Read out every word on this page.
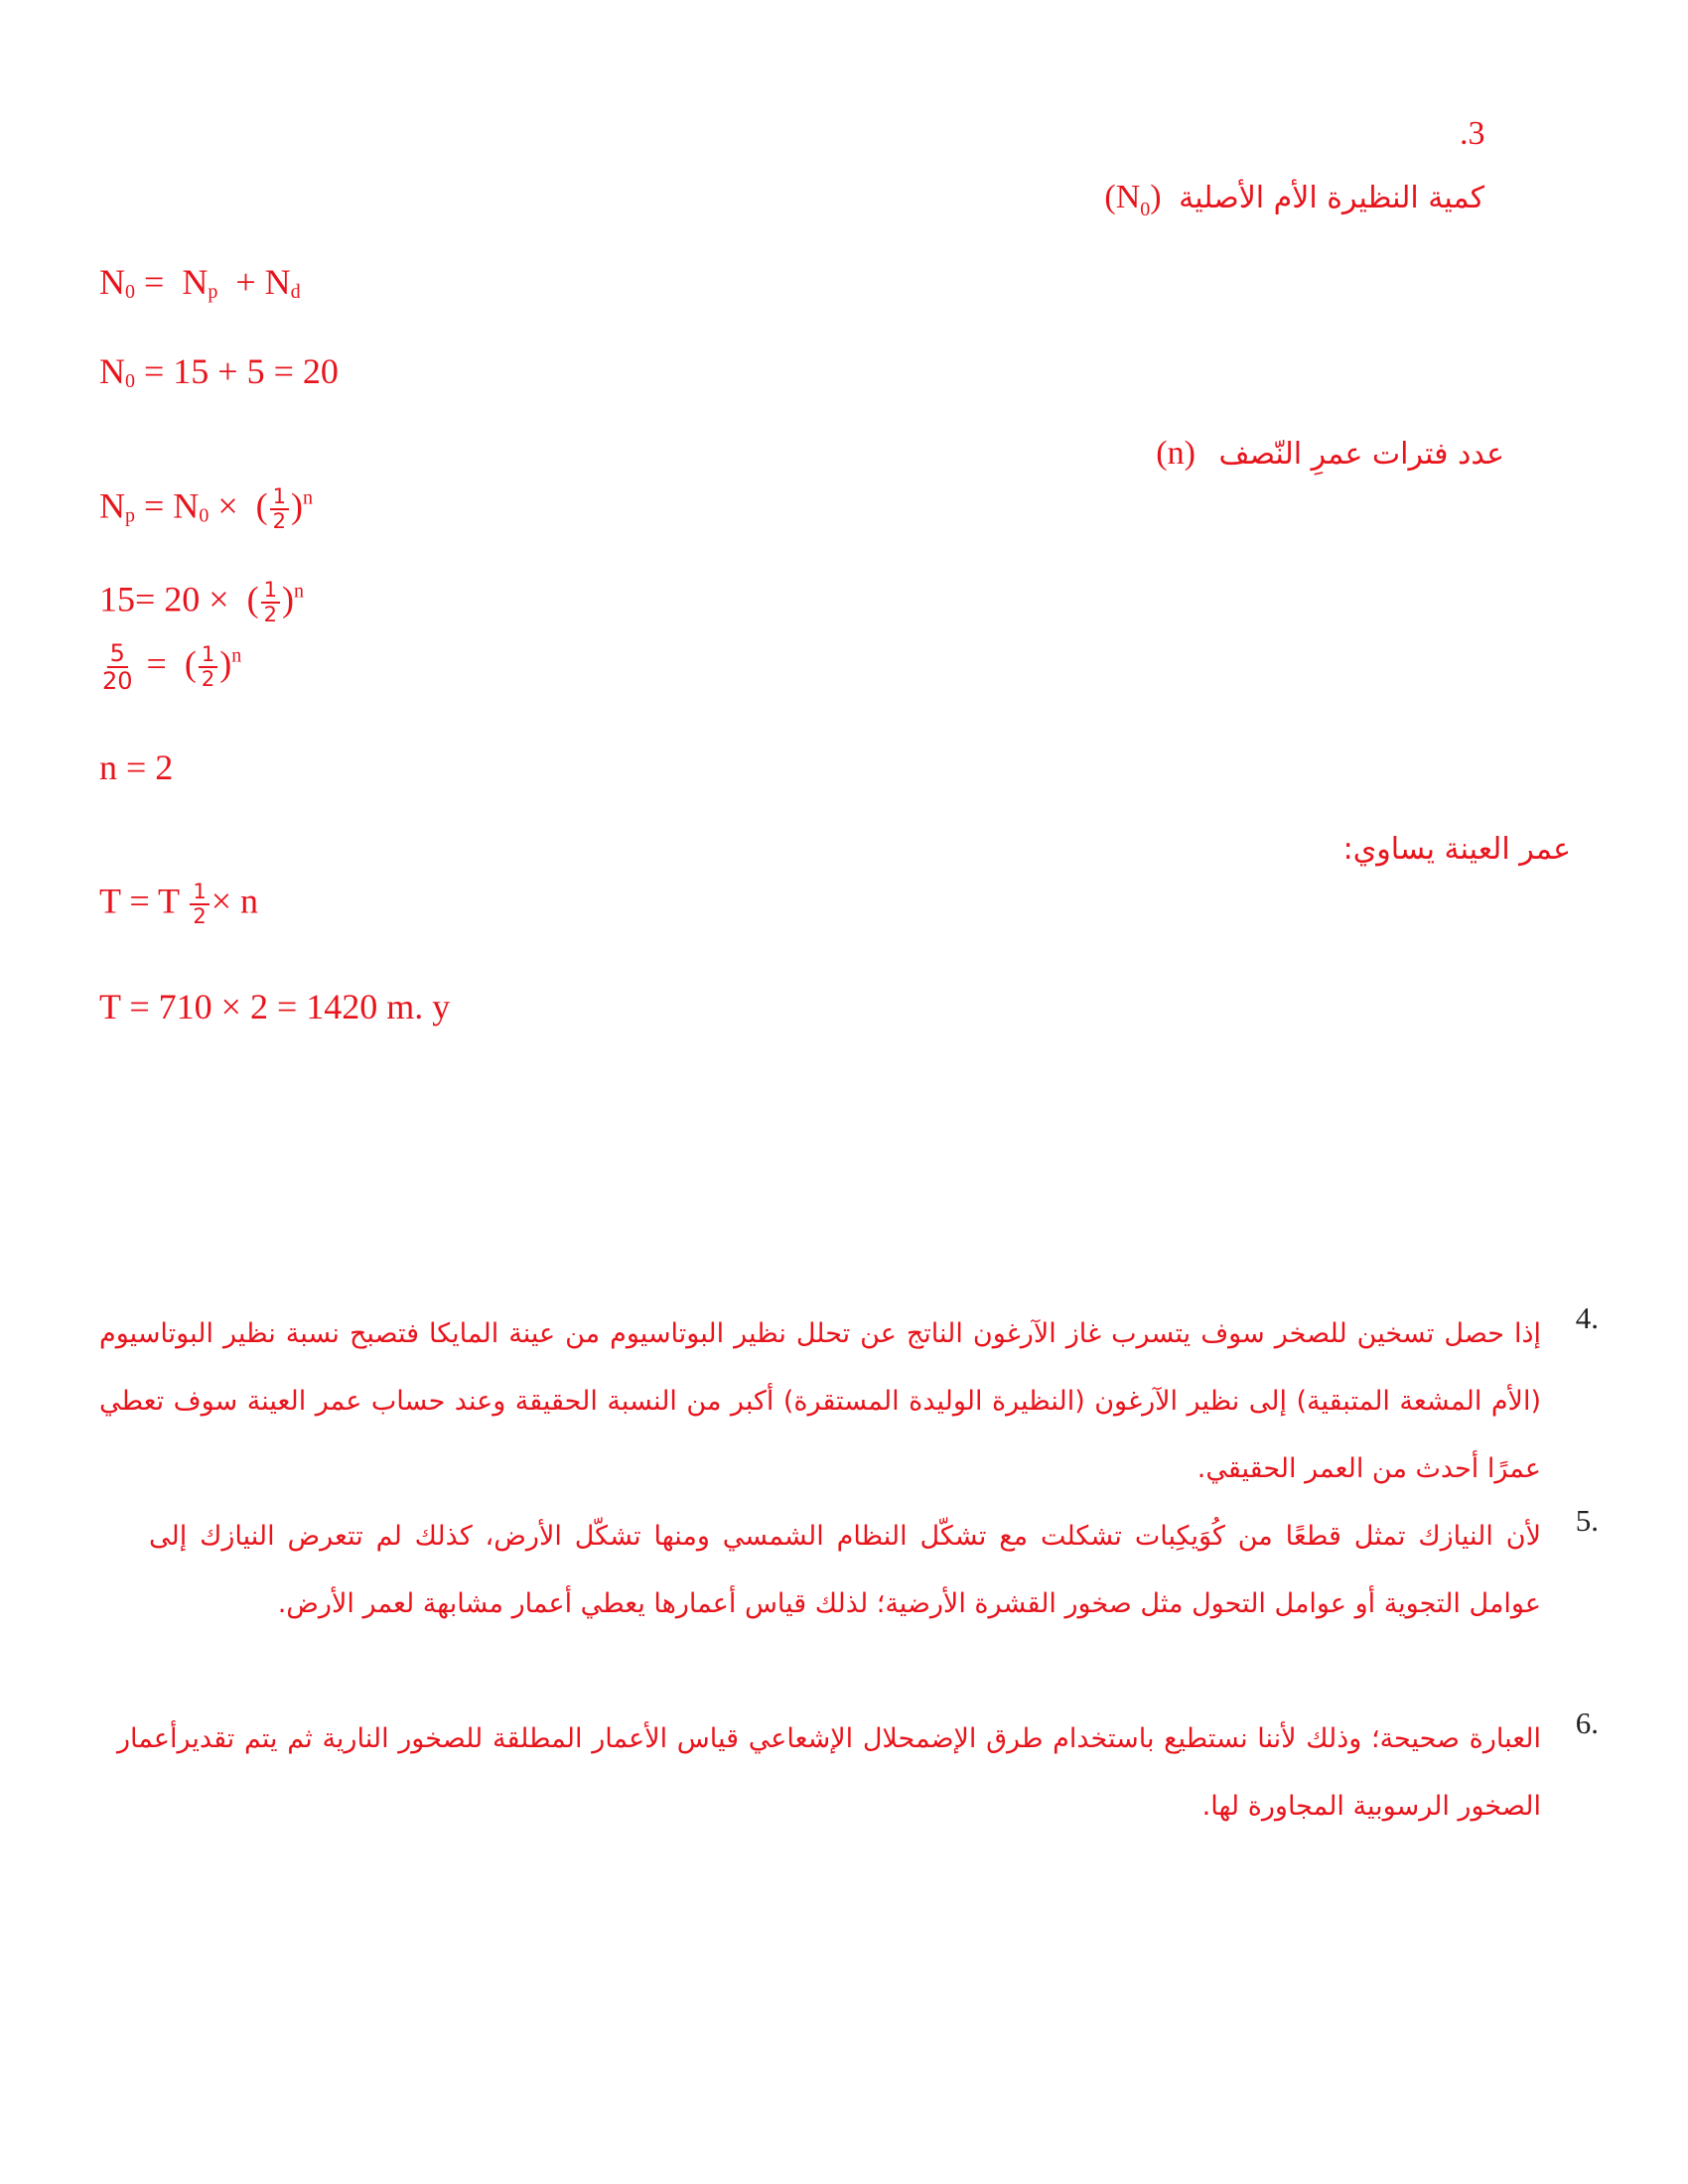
.3
كمية النظيرة الأم الأصلية $(N_0)$
$N_0 = N_p + N_d$
$N_0 = 15 + 5 = 20$
عدد فترات عمرِ النّصف (n)
$N_p = N_0$ ×  ( $\frac{1}{2} )^n$
15= 20 ×  ( $\frac{1}{2} )^n$
$\frac{5}{20}$ =  ( $\frac{1}{2} )^n$
n = 2
عمر العينة يساوي:
T = T $\frac{1}{2} \times n$
T = 710 × 2 = 1420 m. y
4.
إذا حصل تسخين للصخر سوف يتسرب غاز الآرغون الناتج عن تحلل نظير البوتاسيوم من عينة المايكا فتصبح نسبة نظير البوتاسيوم (الأم المشعة المتبقية) إلى نظير الآرغون (النظيرة الوليدة المستقرة) أكبر من النسبة الحقيقة وعند حساب عمر العينة سوف تعطي عمرًا أحدث من العمر الحقيقي.
5.
لأن النيازك تمثل قطعًا من كُوَيكِبات تشكلت مع تشكّل النظام الشمسي ومنها تشكّل الأرض، كذلك لم تتعرض النيازك إلى عوامل التجوية أو عوامل التحول مثل صخور القشرة الأرضية؛ لذلك قياس أعمارها يعطي أعمار مشابهة لعمر الأرض.
6.
العبارة صحيحة؛ وذلك لأننا نستطيع باستخدام طرق الإضمحلال الإشعاعي قياس الأعمار المطلقة للصخور النارية ثم يتم تقديرأعمار الصخور الرسوبية المجاورة لها.
